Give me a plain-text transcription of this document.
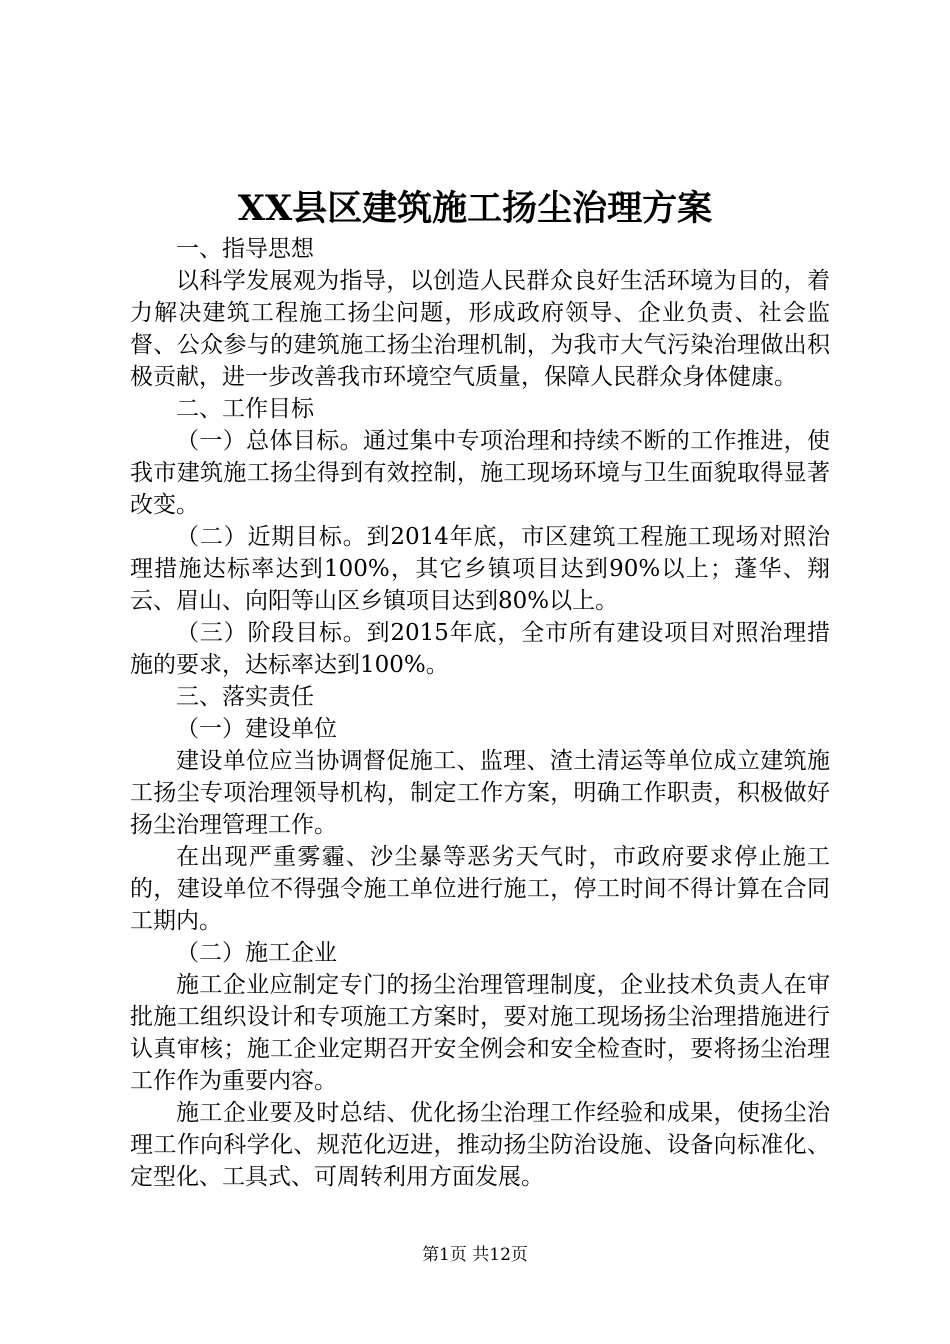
XX县区建筑施工扬尘治理方案

一、指导思想

以科学发展观为指导，以创造人民群众良好生活环境为目的，着力解决建筑工程施工扬尘问题，形成政府领导、企业负责、社会监督、公众参与的建筑施工扬尘治理机制，为我市大气污染治理做出积极贡献，进一步改善我市环境空气质量，保障人民群众身体健康。

二、工作目标

（一）总体目标。通过集中专项治理和持续不断的工作推进，使我市建筑施工扬尘得到有效控制，施工现场环境与卫生面貌取得显著改变。

（二）近期目标。到2014年底，市区建筑工程施工现场对照治理措施达标率达到100%，其它乡镇项目达到90%以上；蓬华、翔云、眉山、向阳等山区乡镇项目达到80%以上。

（三）阶段目标。到2015年底，全市所有建设项目对照治理措施的要求，达标率达到100%。

三、落实责任

（一）建设单位

建设单位应当协调督促施工、监理、渣土清运等单位成立建筑施工扬尘专项治理领导机构，制定工作方案，明确工作职责，积极做好扬尘治理管理工作。

在出现严重雾霾、沙尘暴等恶劣天气时，市政府要求停止施工的，建设单位不得强令施工单位进行施工，停工时间不得计算在合同工期内。

（二）施工企业

施工企业应制定专门的扬尘治理管理制度，企业技术负责人在审批施工组织设计和专项施工方案时，要对施工现场扬尘治理措施进行认真审核；施工企业定期召开安全例会和安全检查时，要将扬尘治理工作作为重要内容。

施工企业要及时总结、优化扬尘治理工作经验和成果，使扬尘治理工作向科学化、规范化迈进，推动扬尘防治设施、设备向标准化、定型化、工具式、可周转利用方面发展。

第1页 共12页
